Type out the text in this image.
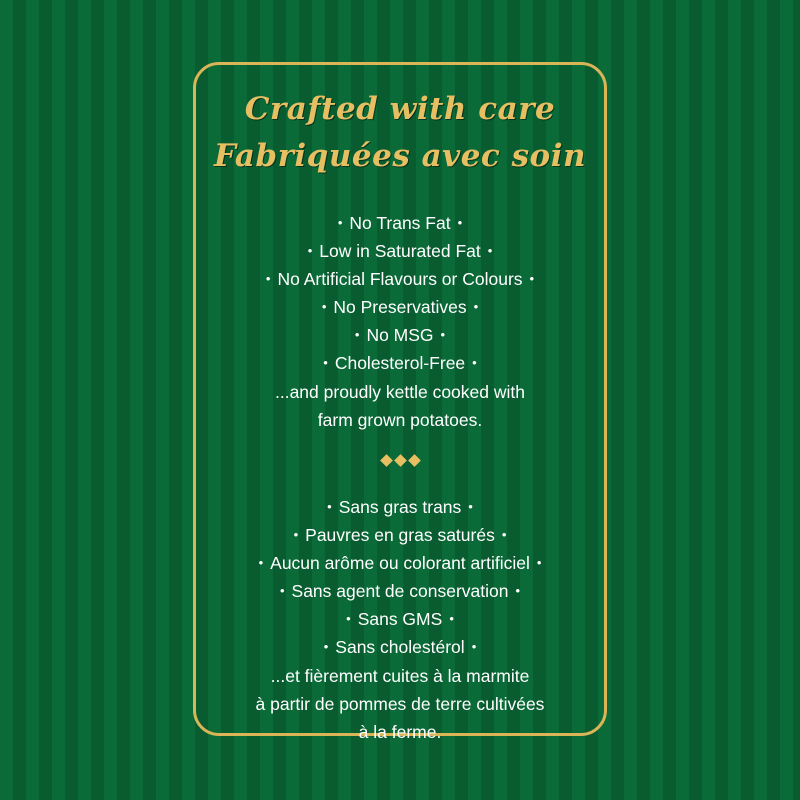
Crafted with care
Fabriquées avec soin
• No Trans Fat •
• Low in Saturated Fat •
• No Artificial Flavours or Colours •
• No Preservatives •
• No MSG •
• Cholesterol-Free •
...and proudly kettle cooked with
farm grown potatoes.
• Sans gras trans •
• Pauvres en gras saturés •
• Aucun arôme ou colorant artificiel •
• Sans agent de conservation •
• Sans GMS •
• Sans cholestérol •
...et fièrement cuites à la marmite
à partir de pommes de terre cultivées
à la ferme.
